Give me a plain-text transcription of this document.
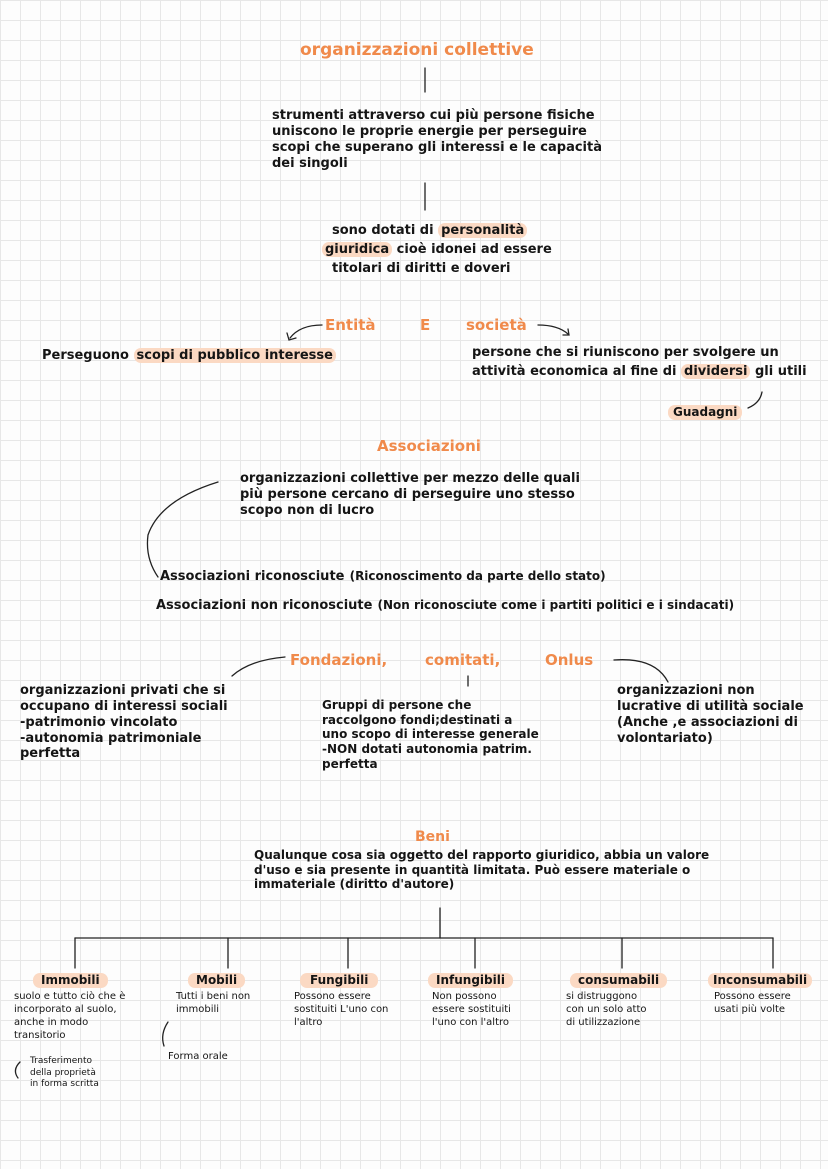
organizzazioni collettive

strumenti attraverso cui più persone fisiche
uniscono le proprie energie per perseguire
scopi che superano gli interessi e le capacità
dei singoli

sono dotati di personalità
giuridica cioè idonei ad essere
titolari di diritti e doveri
Entità	E società
Perseguono scopi di pubblico interesse	persone che si riuniscono per svolgere un
attività economica al fine di dividersi gli utili
Guadagni
Associazioni

organizzazioni collettive per mezzo delle quali
più persone cercano di perseguire uno stesso
scopo non di lucro

Associazioni riconosciute (Riconoscimento da parte dello stato)
Associazioni non riconosciute (Non riconosciute come i partiti politici e i sindacati)
Fondazioni,	comitati,	Onlus

organizzazioni privati che si
occupano di interessi sociali
-patrimonio vincolato
-autonomia patrimoniale
perfetta

Gruppi di persone che
raccolgono fondi;destinati a
uno scopo di interesse generale
-NON dotati autonomia patrim.
perfetta

organizzazioni non
lucrative di utilità sociale
(Anche ,e associazioni di
volontariato)

Beni

Qualunque cosa sia oggetto del rapporto giuridico, abbia un valore
d'uso e sia presente in quantità limitata. Può essere materiale o
immateriale (diritto d'autore)

Immobili

suolo e tutto ciò che è
incorporato al suolo,
anche in modo
transitorio

Trasferimento
della proprietà
in forma scritta

Mobili

Tutti i beni non
immobili

Forma orale

Fungibili

Possono essere
sostituiti L'uno con
l'altro

Infungibili

Non possono
essere sostituiti
l'uno con l'altro

consumabili

si distruggono
con un solo atto
di utilizzazione

Inconsumabili

Possono essere
usati più volte
